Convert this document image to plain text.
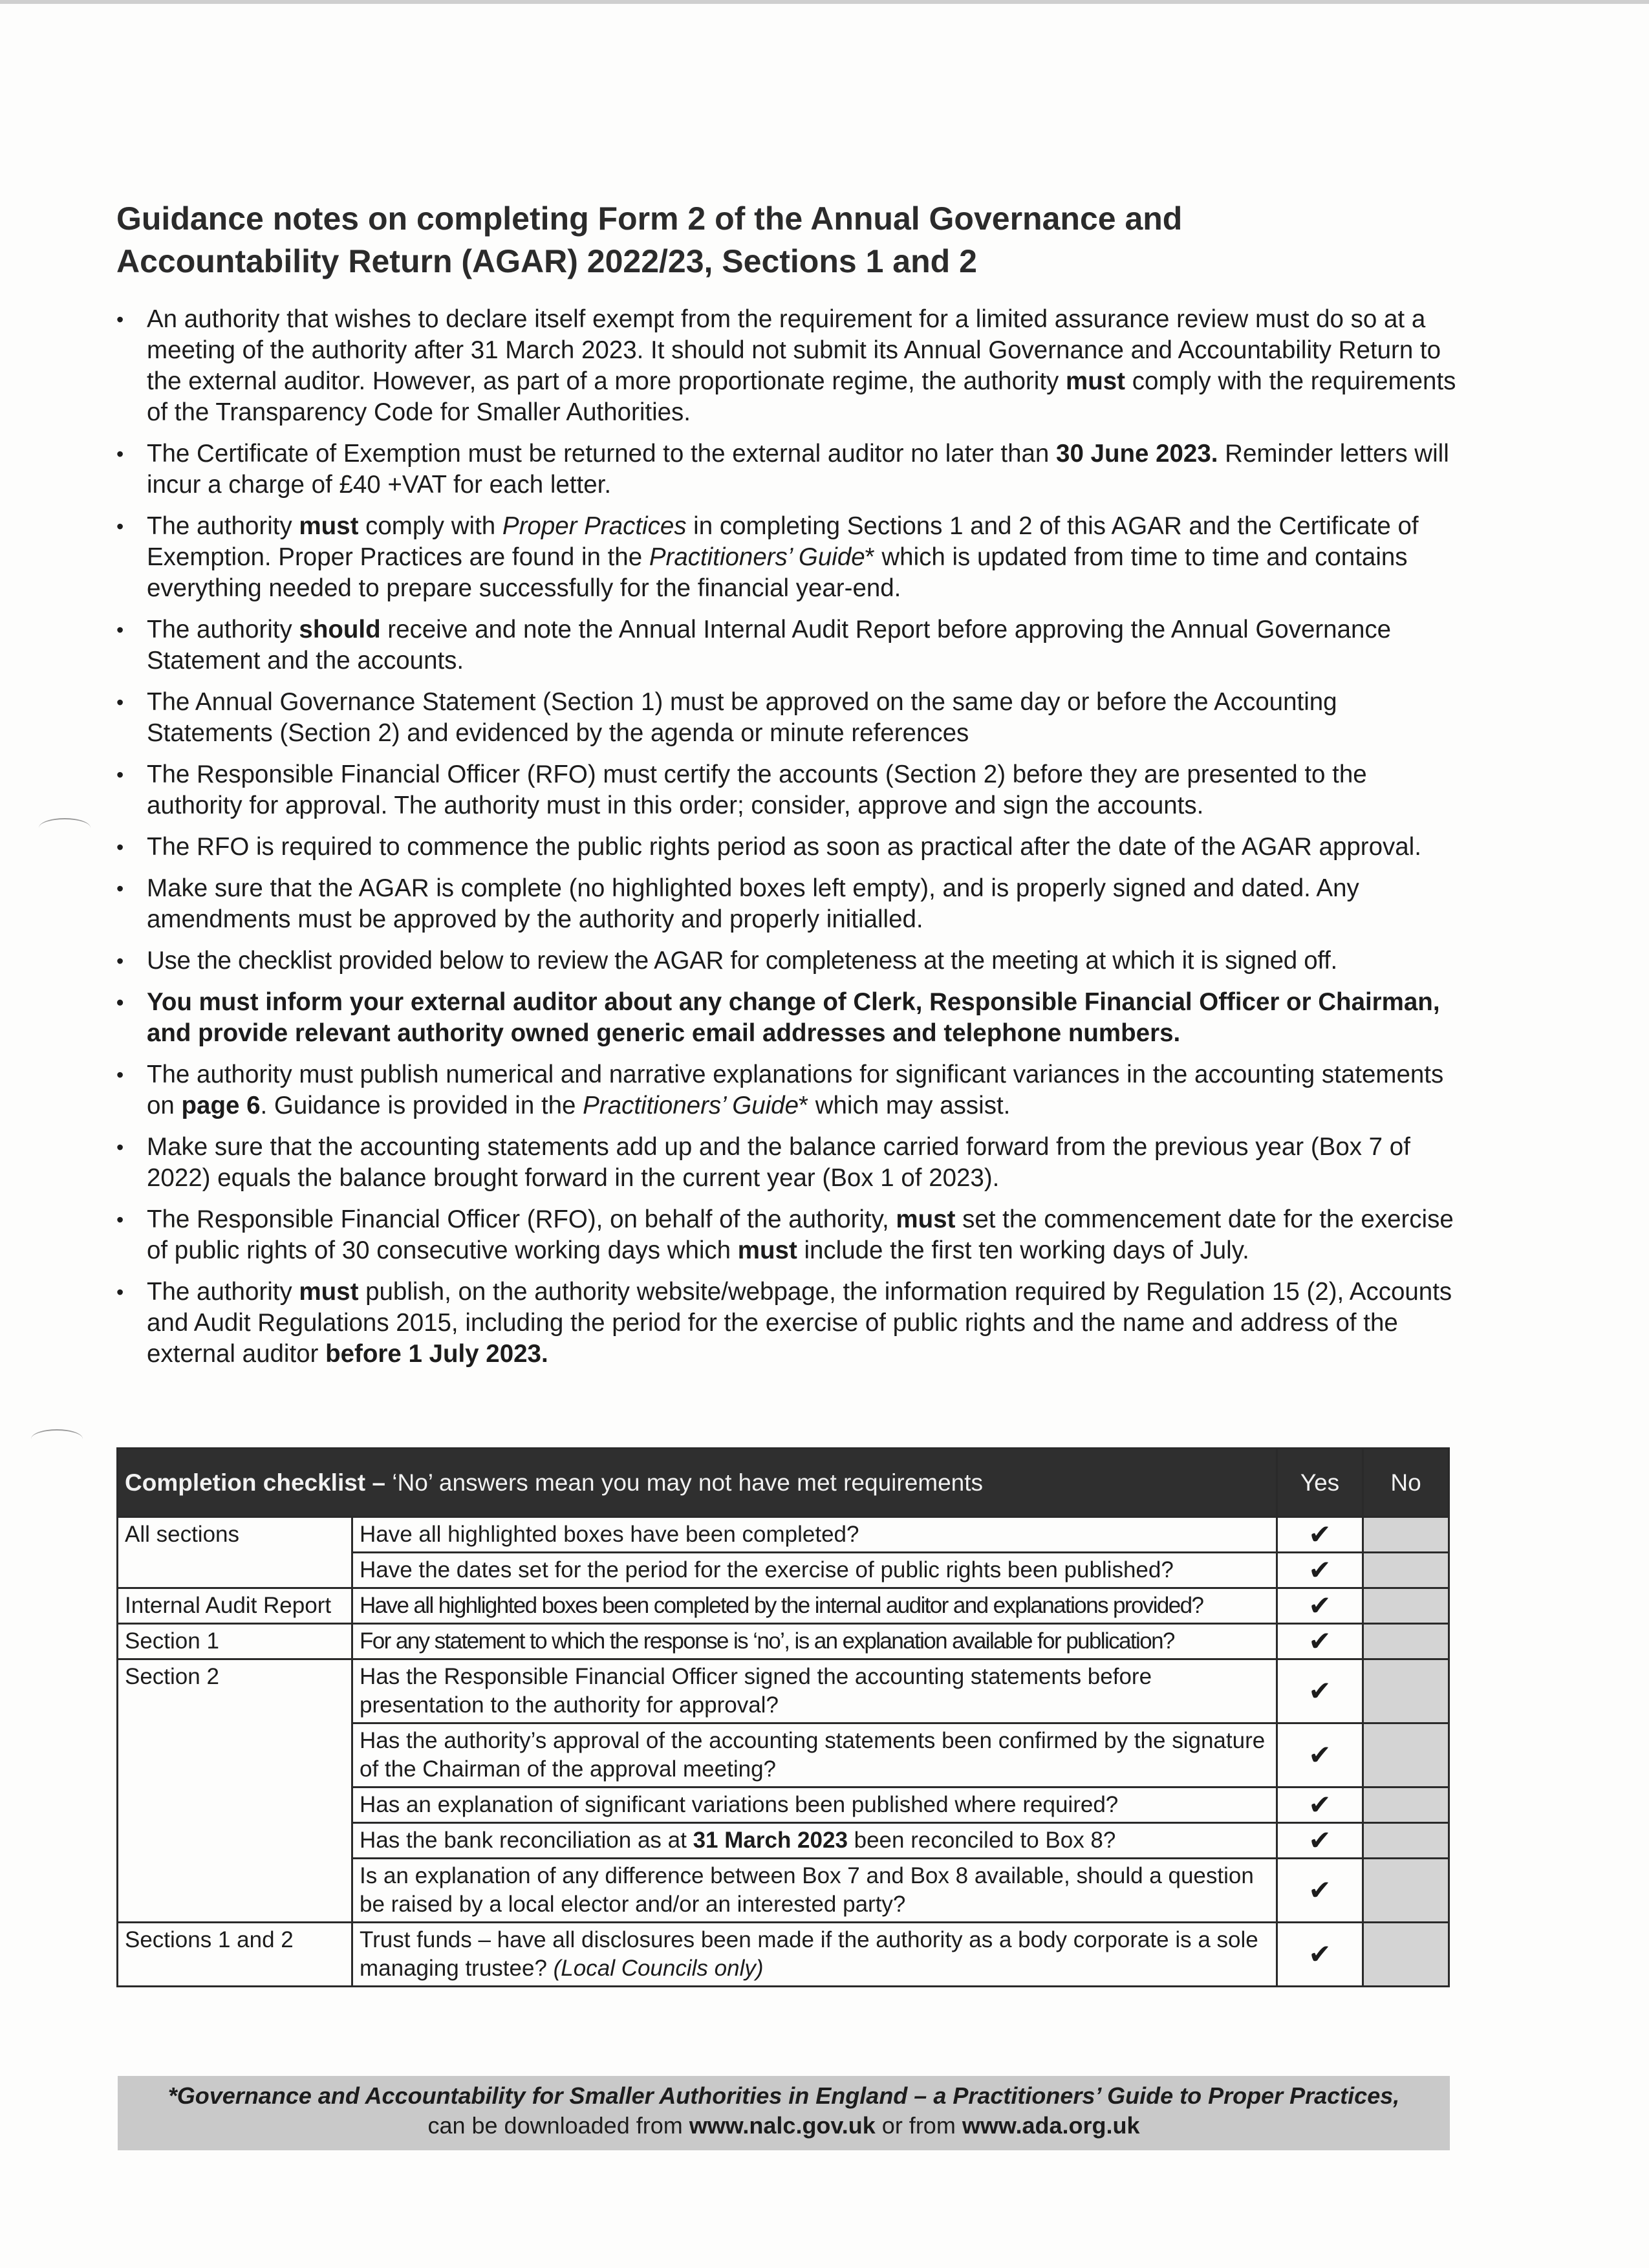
Guidance notes on completing Form 2 of the Annual Governance and
Accountability Return (AGAR) 2022/23, Sections 1 and 2
• An authority that wishes to declare itself exempt from the requirement for a limited assurance review must do so at a meeting of the authority after 31 March 2023. It should not submit its Annual Governance and Accountability Return to the external auditor. However, as part of a more proportionate regime, the authority must comply with the requirements of the Transparency Code for Smaller Authorities.
• The Certificate of Exemption must be returned to the external auditor no later than 30 June 2023. Reminder letters will incur a charge of £40 +VAT for each letter.
• The authority must comply with Proper Practices in completing Sections 1 and 2 of this AGAR and the Certificate of Exemption. Proper Practices are found in the Practitioners’ Guide* which is updated from time to time and contains everything needed to prepare successfully for the financial year-end.
• The authority should receive and note the Annual Internal Audit Report before approving the Annual Governance Statement and the accounts.
• The Annual Governance Statement (Section 1) must be approved on the same day or before the Accounting Statements (Section 2) and evidenced by the agenda or minute references
• The Responsible Financial Officer (RFO) must certify the accounts (Section 2) before they are presented to the authority for approval. The authority must in this order; consider, approve and sign the accounts.
• The RFO is required to commence the public rights period as soon as practical after the date of the AGAR approval.
• Make sure that the AGAR is complete (no highlighted boxes left empty), and is properly signed and dated. Any amendments must be approved by the authority and properly initialled.
• Use the checklist provided below to review the AGAR for completeness at the meeting at which it is signed off.
• You must inform your external auditor about any change of Clerk, Responsible Financial Officer or Chairman, and provide relevant authority owned generic email addresses and telephone numbers.
• The authority must publish numerical and narrative explanations for significant variances in the accounting statements on page 6. Guidance is provided in the Practitioners’ Guide* which may assist.
• Make sure that the accounting statements add up and the balance carried forward from the previous year (Box 7 of 2022) equals the balance brought forward in the current year (Box 1 of 2023).
• The Responsible Financial Officer (RFO), on behalf of the authority, must set the commencement date for the exercise of public rights of 30 consecutive working days which must include the first ten working days of July.
• The authority must publish, on the authority website/webpage, the information required by Regulation 15 (2), Accounts and Audit Regulations 2015, including the period for the exercise of public rights and the name and address of the external auditor before 1 July 2023.
Completion checklist – ‘No’ answers mean you may not have met requirements		Yes	No
All sections	Have all highlighted boxes have been completed?	✔	
	Have the dates set for the period for the exercise of public rights been published?	✔	
Internal Audit Report	Have all highlighted boxes been completed by the internal auditor and explanations provided?	✔	
Section 1	For any statement to which the response is ‘no’, is an explanation available for publication?	✔	
Section 2	Has the Responsible Financial Officer signed the accounting statements before presentation to the authority for approval?	✔	
	Has the authority’s approval of the accounting statements been confirmed by the signature of the Chairman of the approval meeting?	✔	
	Has an explanation of significant variations been published where required?	✔	
	Has the bank reconciliation as at 31 March 2023 been reconciled to Box 8?	✔	
	Is an explanation of any difference between Box 7 and Box 8 available, should a question be raised by a local elector and/or an interested party?	✔	
Sections 1 and 2	Trust funds – have all disclosures been made if the authority as a body corporate is a sole managing trustee? (Local Councils only)	✔	
*Governance and Accountability for Smaller Authorities in England – a Practitioners’ Guide to Proper Practices,
can be downloaded from www.nalc.gov.uk or from www.ada.org.uk
